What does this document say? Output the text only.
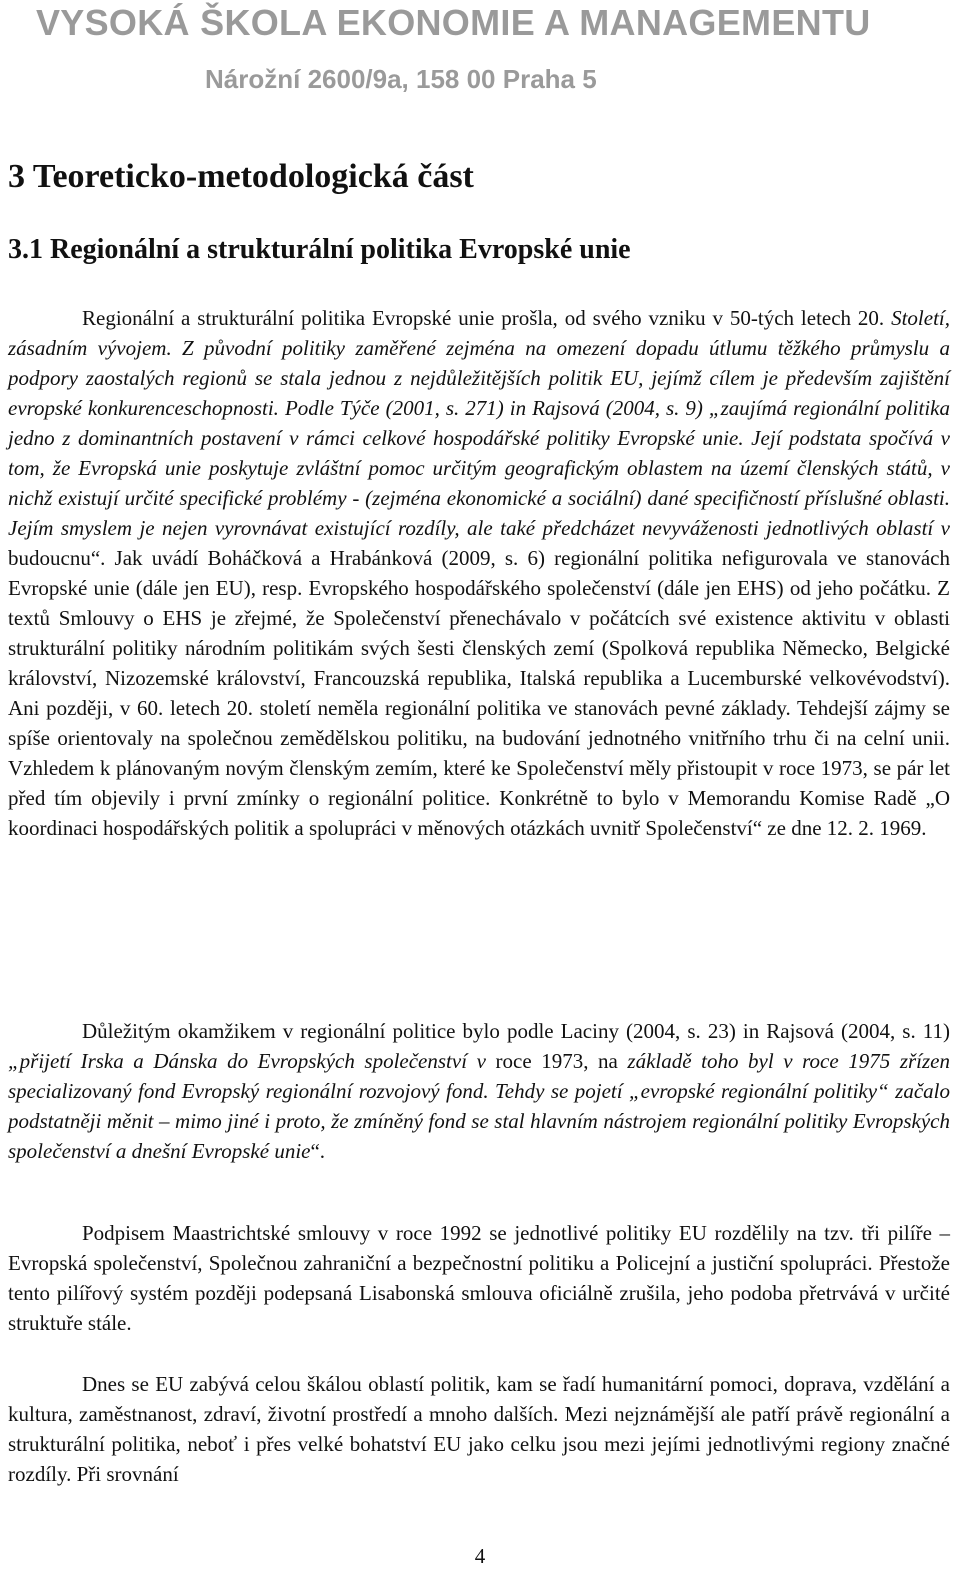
VYSOKÁ ŠKOLA EKONOMIE A MANAGEMENTU
Nárožní 2600/9a, 158 00 Praha 5
3 Teoreticko-metodologická část
3.1 Regionální a strukturální politika Evropské unie

Regionální a strukturální politika Evropské unie prošla, od svého vzniku v 50-tých letech 20. Století, zásadním vývojem. Z původní politiky zaměřené zejména na omezení dopadu útlumu těžkého průmyslu a podpory zaostalých regionů se stala jednou z nejdůležitějších politik EU, jejímž cílem je především zajištění evropské konkurenceschopnosti. Podle Týče (2001, s. 271) in Rajsová (2004, s. 9) „zaujímá regionální politika jedno z dominantních postavení v rámci celkové hospodářské politiky Evropské unie. Její podstata spočívá v tom, že Evropská unie poskytuje zvláštní pomoc určitým geografickým oblastem na území členských států, v nichž existují určité specifické problémy - (zejména ekonomické a sociální) dané specifičností příslušné oblasti. Jejím smyslem je nejen vyrovnávat existující rozdíly, ale také předcházet nevyváženosti jednotlivých oblastí v budoucnu“. Jak uvádí Boháčková a Hrabánková (2009, s. 6) regionální politika nefigurovala ve stanovách Evropské unie (dále jen EU), resp. Evropského hospodářského společenství (dále jen EHS) od jeho počátku. Z textů Smlouvy o EHS je zřejmé, že Společenství přenechávalo v počátcích své existence aktivitu v oblasti strukturální politiky národním politikám svých šesti členských zemí (Spolková republika Německo, Belgické království, Nizozemské království, Francouzská republika, Italská republika a Lucemburské velkovévodství). Ani později, v 60. letech 20. století neměla regionální politika ve stanovách pevné základy. Tehdejší zájmy se spíše orientovaly na společnou zemědělskou politiku, na budování jednotného vnitřního trhu či na celní unii. Vzhledem k plánovaným novým členským zemím, které ke Společenství měly přistoupit v roce 1973, se pár let před tím objevily i první zmínky o regionální politice. Konkrétně to bylo v Memorandu Komise Radě „O koordinaci hospodářských politik a spolupráci v měnových otázkách uvnitř Společenství“ ze dne 12. 2. 1969.

Důležitým okamžikem v regionální politice bylo podle Laciny (2004, s. 23) in Rajsová (2004, s. 11) „přijetí Irska a Dánska do Evropských společenství v roce 1973, na základě toho byl v roce 1975 zřízen specializovaný fond Evropský regionální rozvojový fond. Tehdy se pojetí „evropské regionální politiky“ začalo podstatněji měnit – mimo jiné i proto, že zmíněný fond se stal hlavním nástrojem regionální politiky Evropských společenství a dnešní Evropské unie“.

Podpisem Maastrichtské smlouvy v roce 1992 se jednotlivé politiky EU rozdělily na tzv. tři pilíře – Evropská společenství, Společnou zahraniční a bezpečnostní politiku a Policejní a justiční spolupráci. Přestože tento pilířový systém později podepsaná Lisabonská smlouva oficiálně zrušila, jeho podoba přetrvává v určité struktuře stále.

Dnes se EU zabývá celou škálou oblastí politik, kam se řadí humanitární pomoci, doprava, vzdělání a kultura, zaměstnanost, zdraví, životní prostředí a mnoho dalších. Mezi nejznámější ale patří právě regionální a strukturální politika, neboť i přes velké bohatství EU jako celku jsou mezi jejími jednotlivými regiony značné rozdíly. Při srovnání

4
